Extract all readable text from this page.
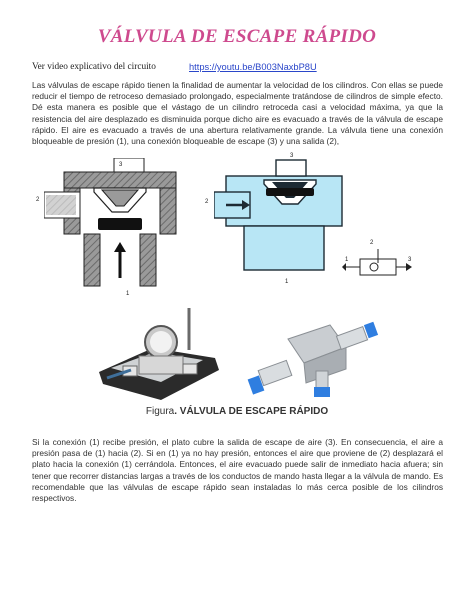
VÁLVULA DE ESCAPE RÁPIDO
Ver video explicativo del circuito	https://youtu.be/B003NaxbP8U
Las válvulas de escape rápido tienen la finalidad de aumentar la velocidad de los cilindros. Con ellas se puede reducir el tiempo de retroceso demasiado prolongado, especialmente tratándose de cilindros de simple efecto. Dé esta manera es posible que el vástago de un cilindro retroceda casi a velocidad máxima, ya que la resistencia del aire desplazado es disminuida porque dicho aire es evacuado a través de la válvula de escape rápido. El aire es evacuado a través de una abertura relativamente grande. La válvula tiene una conexión bloqueable de presión (1), una conexión bloqueable de escape (3) y una salida (2),
3
2
1
3
2
1
2
1	3
Figura. VÁLVULA DE ESCAPE RÁPIDO
Si la conexión (1) recibe presión, el plato cubre la salida de escape de aire (3). En consecuencia, el aire a presión pasa de (1) hacia (2). Si en (1) ya no hay presión, entonces el aire que proviene de (2) desplazará el plato hacia la conexión (1) cerrándola. Entonces, el aire evacuado puede salir de inmediato hacia afuera; sin tener que recorrer distancias largas a través de los conductos de mando hasta llegar a la válvula de mando. Es recomendable que las válvulas de escape rápido sean instaladas lo más cerca posible de los cilindros respectivos.
